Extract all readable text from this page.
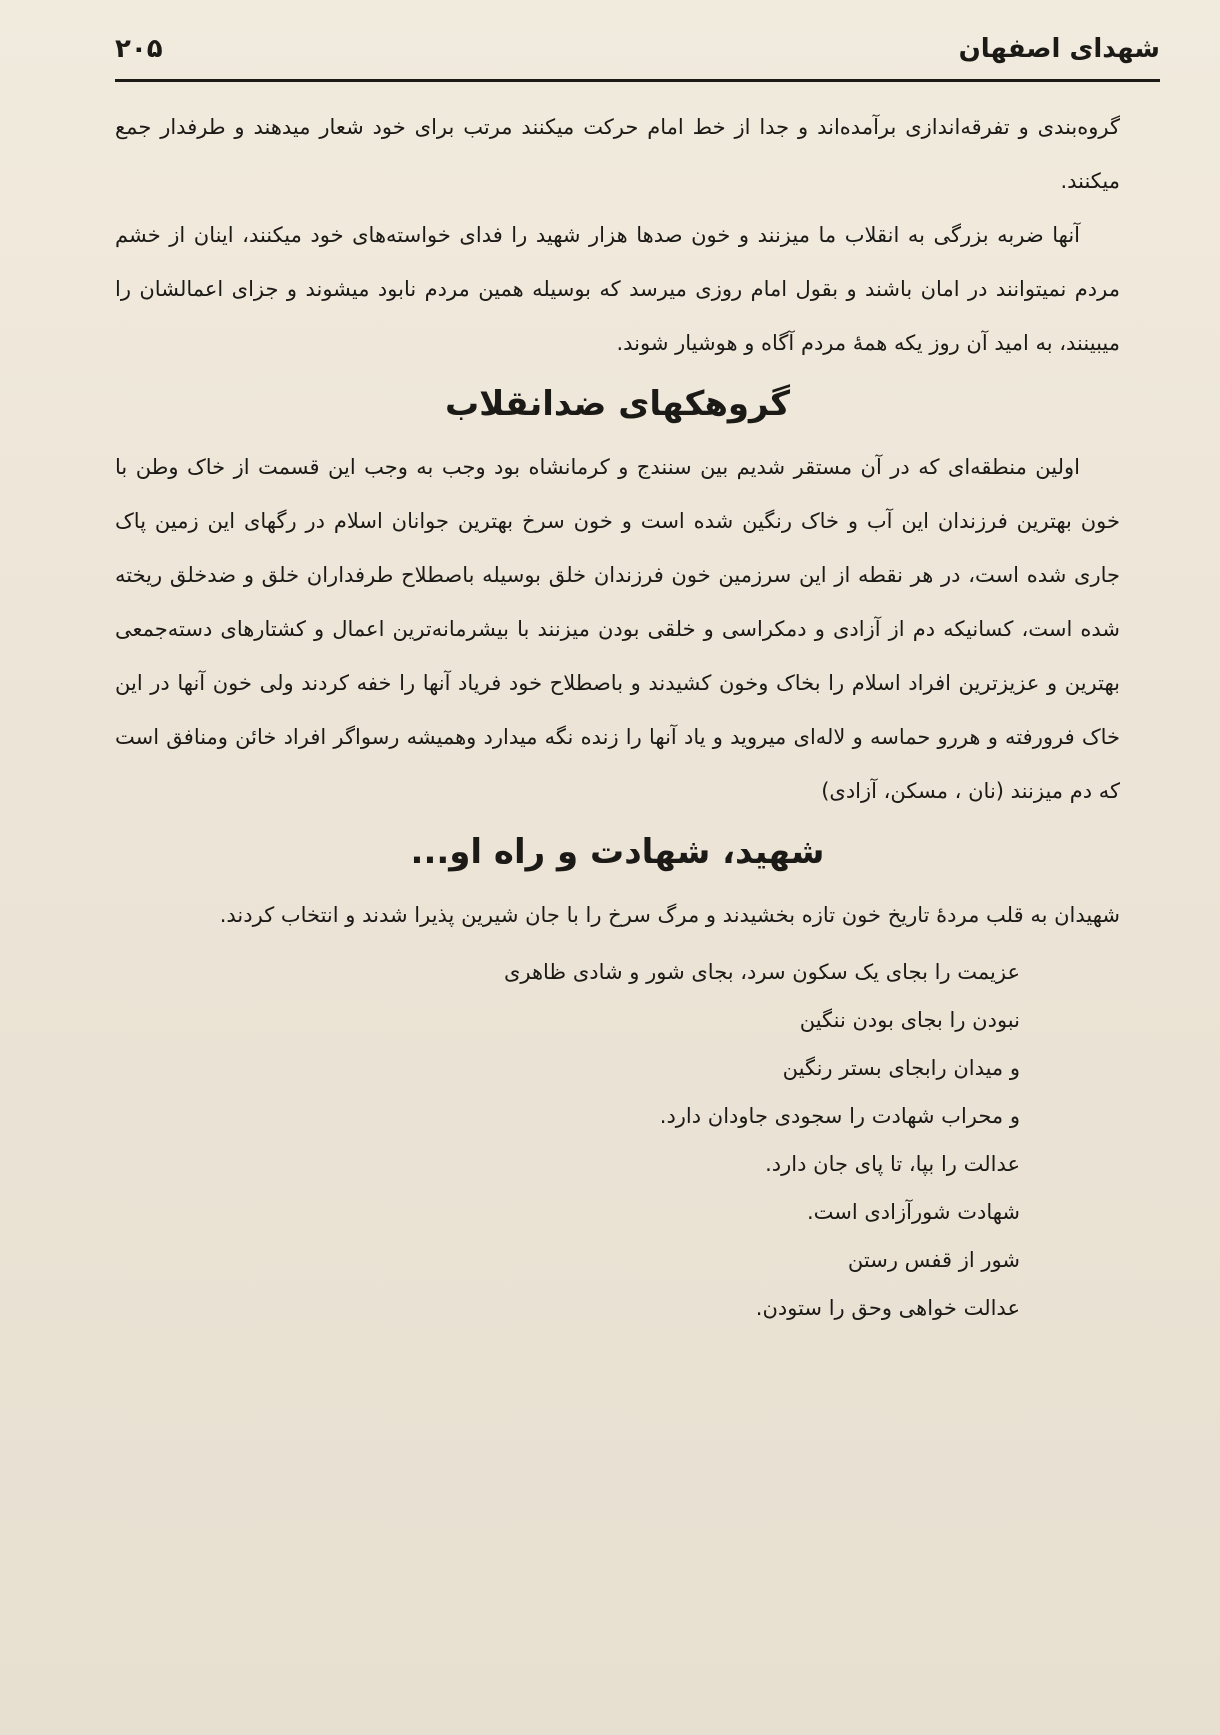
شهدای اصفهان
۲۰۵

گروه‌بندی و تفرقه‌اندازی برآمده‌اند و جدا از خط امام حرکت میکنند مرتب برای خود شعار میدهند و طرفدار جمع میکنند.

آنها ضربه بزرگی به انقلاب ما میزنند و خون صدها هزار شهید را فدای خواسته‌های خود میکنند، اینان از خشم مردم نمیتوانند در امان باشند و بقول امام روزی میرسد که بوسیله همین مردم نابود میشوند و جزای اعمالشان را میبینند، به امید آن روز یکه همهٔ مردم آگاه و هوشیار شوند.

گروهکهای ضدانقلاب

اولین منطقه‌ای که در آن مستقر شدیم بین سنندج و کرمانشاه بود وجب به وجب این قسمت از خاک وطن با خون بهترین فرزندان این آب و خاک رنگین شده است و خون سرخ بهترین جوانان اسلام در رگهای این زمین پاک جاری شده است، در هر نقطه از این سرزمین خون فرزندان خلق بوسیله باصطلاح طرفداران خلق و ضدخلق ریخته شده است، کسانیکه دم از آزادی و دمکراسی و خلقی بودن میزنند با بیشرمانه‌ترین اعمال و کشتارهای دسته‌جمعی بهترین و عزیزترین افراد اسلام را بخاک وخون کشیدند و باصطلاح خود فریاد آنها را خفه کردند ولی خون آنها در این خاک فرورفته و هررو حماسه و لاله‌ای میروید و یاد آنها را زنده نگه میدارد وهمیشه رسواگر افراد خائن ومنافق است که دم میزنند (نان ، مسکن، آزادی)

شهید، شهادت و راه او...

شهیدان به قلب مردهٔ تاریخ خون تازه بخشیدند و مرگ سرخ را با جان شیرین پذیرا شدند و انتخاب کردند.

عزیمت را بجای یک سکون سرد، بجای شور و شادی ظاهری
نبودن را بجای بودن ننگین
و میدان رابجای بستر رنگین
و محراب شهادت را سجودی جاودان دارد.
عدالت را بپا، تا پای جان دارد.
شهادت شورآزادی است.
شور از قفس رستن
عدالت خواهی وحق را ستودن.
